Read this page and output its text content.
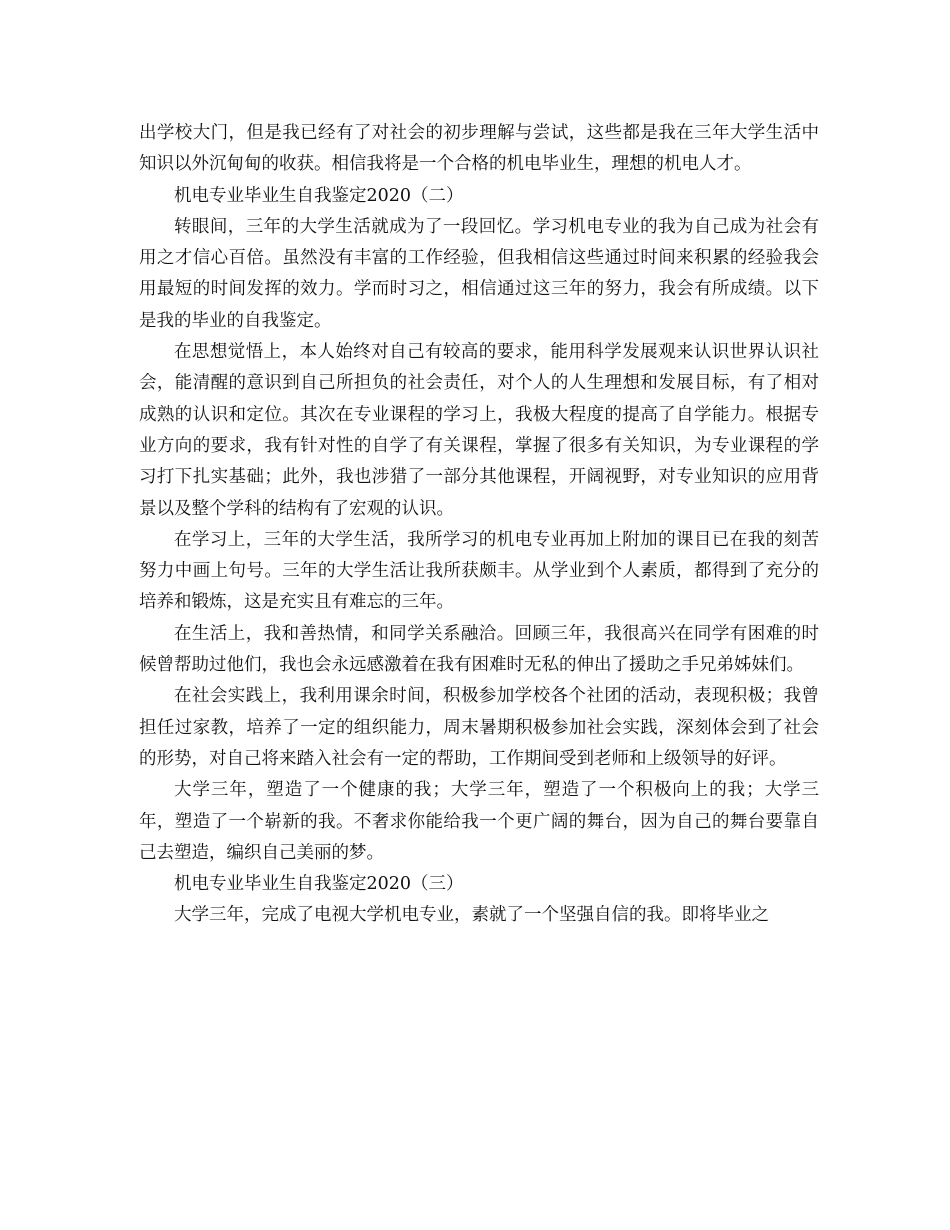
出学校大门，但是我已经有了对社会的初步理解与尝试，这些都是我在三年大学生活中知识以外沉甸甸的收获。相信我将是一个合格的机电毕业生，理想的机电人才。

机电专业毕业生自我鉴定2020（二）

转眼间，三年的大学生活就成为了一段回忆。学习机电专业的我为自己成为社会有用之才信心百倍。虽然没有丰富的工作经验，但我相信这些通过时间来积累的经验我会用最短的时间发挥的效力。学而时习之，相信通过这三年的努力，我会有所成绩。以下是我的毕业的自我鉴定。

在思想觉悟上，本人始终对自己有较高的要求，能用科学发展观来认识世界认识社会，能清醒的意识到自己所担负的社会责任，对个人的人生理想和发展目标，有了相对成熟的认识和定位。其次在专业课程的学习上，我极大程度的提高了自学能力。根据专业方向的要求，我有针对性的自学了有关课程，掌握了很多有关知识，为专业课程的学习打下扎实基础；此外，我也涉猎了一部分其他课程，开阔视野，对专业知识的应用背景以及整个学科的结构有了宏观的认识。

在学习上，三年的大学生活，我所学习的机电专业再加上附加的课目已在我的刻苦努力中画上句号。三年的大学生活让我所获颇丰。从学业到个人素质，都得到了充分的培养和锻炼，这是充实且有难忘的三年。

在生活上，我和善热情，和同学关系融洽。回顾三年，我很高兴在同学有困难的时候曾帮助过他们，我也会永远感激着在我有困难时无私的伸出了援助之手兄弟姊妹们。

在社会实践上，我利用课余时间，积极参加学校各个社团的活动，表现积极；我曾担任过家教，培养了一定的组织能力，周末暑期积极参加社会实践，深刻体会到了社会的形势，对自己将来踏入社会有一定的帮助，工作期间受到老师和上级领导的好评。

大学三年，塑造了一个健康的我；大学三年，塑造了一个积极向上的我；大学三年，塑造了一个崭新的我。不奢求你能给我一个更广阔的舞台，因为自己的舞台要靠自己去塑造，编织自己美丽的梦。

机电专业毕业生自我鉴定2020（三）

大学三年，完成了电视大学机电专业，素就了一个坚强自信的我。即将毕业之
